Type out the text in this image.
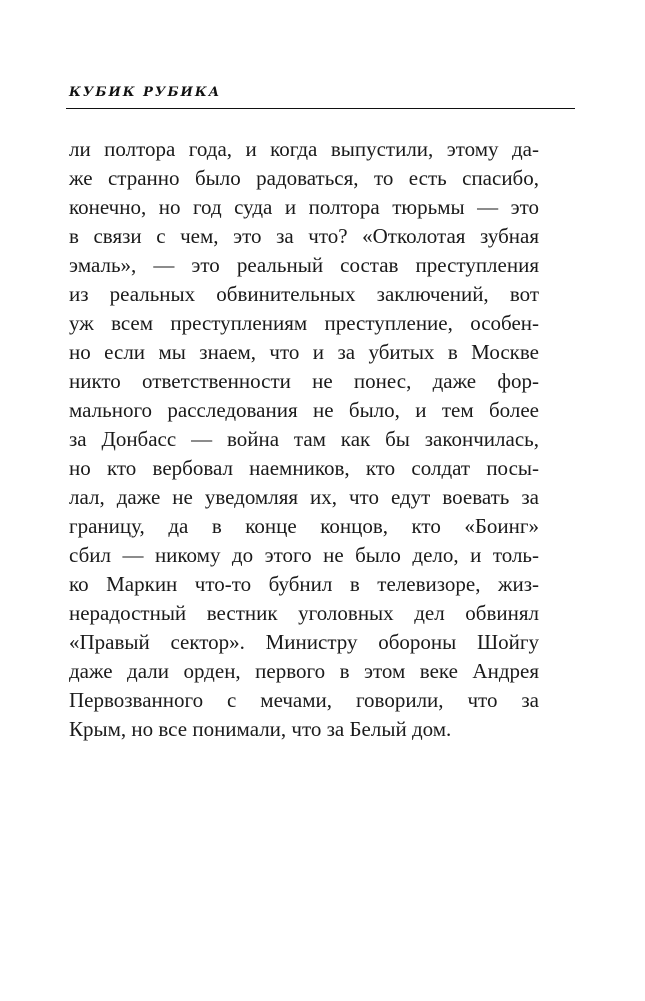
КУБИК РУБИКА
ли полтора года, и когда выпустили, этому да-
же странно было радоваться, то есть спасибо,
конечно, но год суда и полтора тюрьмы — это
в связи с чем, это за что? «Отколотая зубная
эмаль», — это реальный состав преступления
из реальных обвинительных заключений, вот
уж всем преступлениям преступление, особен-
но если мы знаем, что и за убитых в Москве
никто ответственности не понес, даже фор-
мального расследования не было, и тем более
за Донбасс — война там как бы закончилась,
но кто вербовал наемников, кто солдат посы-
лал, даже не уведомляя их, что едут воевать за
границу, да в конце концов, кто «Боинг»
сбил — никому до этого не было дело, и толь-
ко Маркин что-то бубнил в телевизоре, жиз-
нерадостный вестник уголовных дел обвинял
«Правый сектор». Министру обороны Шойгу
даже дали орден, первого в этом веке Андрея
Первозванного с мечами, говорили, что за
Крым, но все понимали, что за Белый дом.
